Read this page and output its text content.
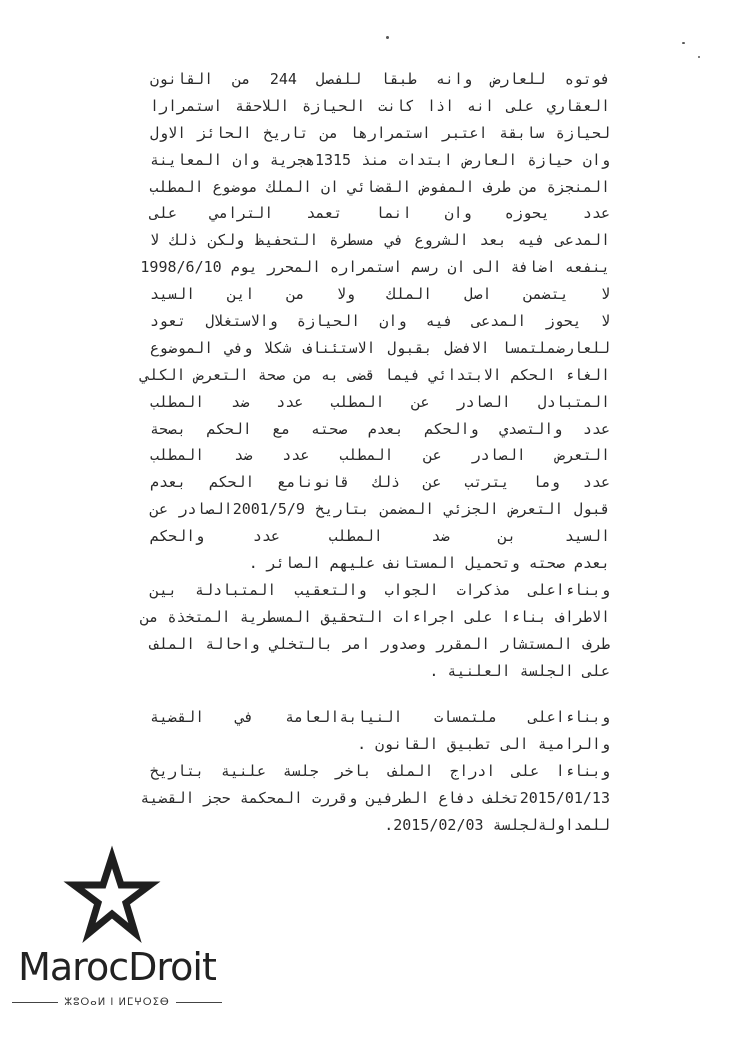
فوتوه للعارض وانه طبقا للفصل 244 من القانون
العقاري على انه اذا كانت الحيازة اللاحقة استمرارا
لحيازة سابقة اعتبر استمرارها من تاريخ الحائز الاول
وان حيازة العارض ابتدات منذ 1315هجرية وان المعاينة
المنجزة من طرف المفوض القضائي ان الملك موضوع المطلب
عدد يحوزه وان انما تعمد الترامي على
المدعى فيه بعد الشروع في مسطرة التحفيظ ولكن ذلك لا
ينفعه اضافة الى ان رسم استمراره المحرر يوم 1998/6/10
لا يتضمن اصل الملك ولا من اين السيد
لا يحوز المدعى فيه وان الحيازة والاستغلال تعود
للعارضملتمسا الافضل بقبول الاستئناف شكلا وفي الموضوع
الغاء الحكم الابتدائي فيما قضى به من صحة التعرض الكلي
المتبادل الصادر عن المطلب عدد ضد المطلب
عدد والتصدي والحكم بعدم صحته مع الحكم بصحة
التعرض الصادر عن المطلب عدد ضد المطلب
عدد وما يترتب عن ذلك قانونامع الحكم بعدم
قبول التعرض الجزئي المضمن بتاريخ 2001/5/9الصادر عن
السيد بن ضد المطلب عدد والحكم
بعدم صحته وتحميل المستانف عليهم الصائر .
وبناءاعلى مذكرات الجواب والتعقيب المتبادلة بين
الاطراف بناءا على اجراءات التحقيق المسطرية المتخذة من
طرف المستشار المقرر وصدور امر بالتخلي واحالة الملف
على الجلسة العلنية .
وبناءاعلى ملتمسات النيابةالعامة في القضية
والرامية الى تطبيق القانون .
وبناءا على ادراج الملف باخر جلسة علنية بتاريخ
2015/01/13تخلف دفاع الطرفين وقررت المحكمة حجز القضية
للمداولةلجلسة 2015/02/03.
MarocDroit
ⵣⵓⵔⴰⵍ ⵏ ⵍⵎⵖⵔⵉⴱ
